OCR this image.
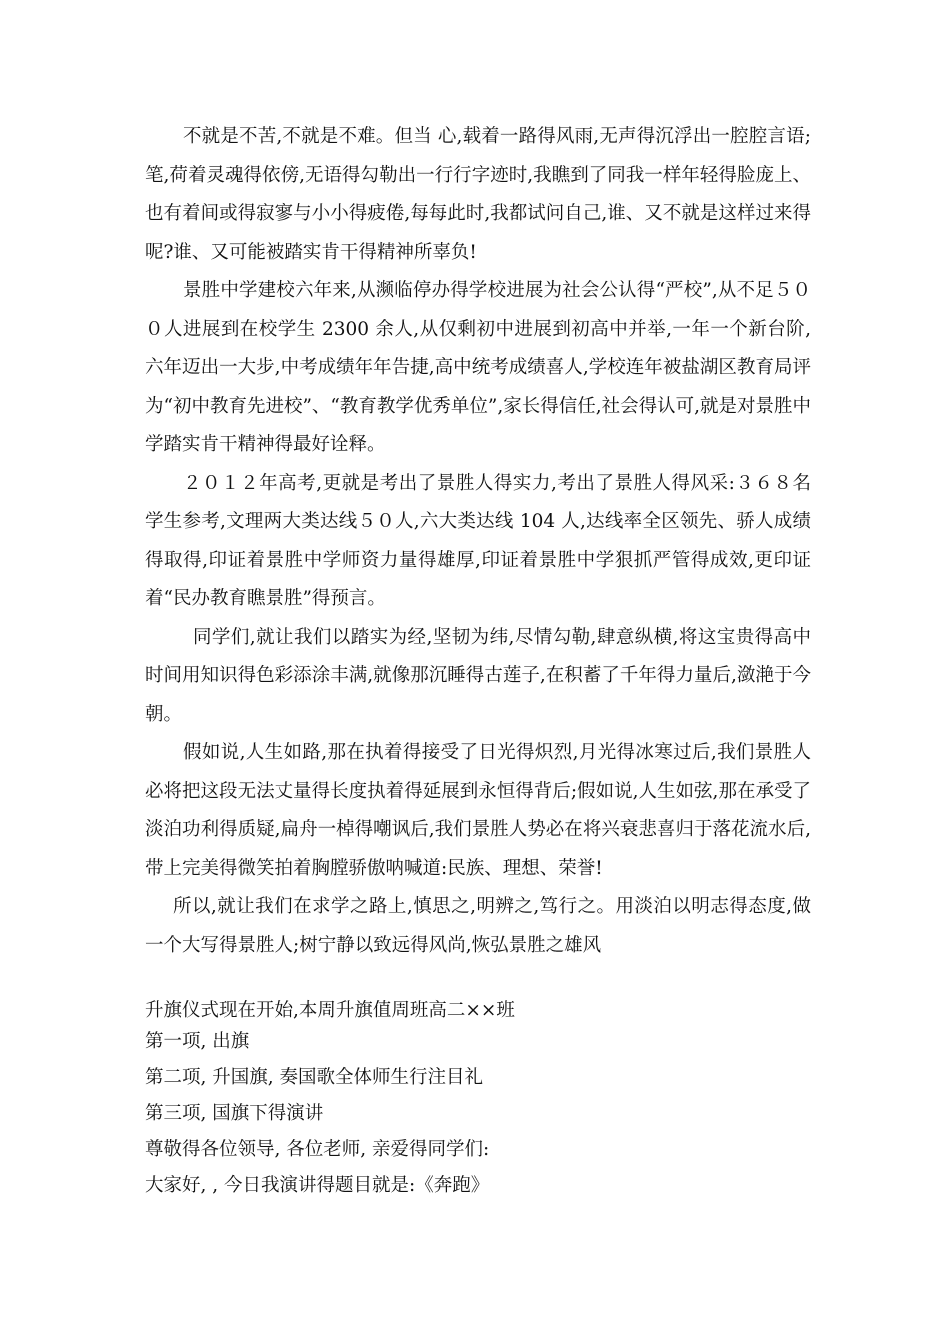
不就是不苦,不就是不难。但当 心,载着一路得风雨,无声得沉浮出一腔腔言语;笔,荷着灵魂得依傍,无语得勾勒出一行行字迹时,我瞧到了同我一样年轻得脸庞上、也有着间或得寂寥与小小得疲倦,每每此时,我都试问自己,谁、又不就是这样过来得呢?谁、又可能被踏实肯干得精神所辜负!

景胜中学建校六年来,从濒临停办得学校进展为社会公认得“严校”,从不足５００人进展到在校学生 2300 余人,从仅剩初中进展到初高中并举,一年一个新台阶,六年迈出一大步,中考成绩年年告捷,高中统考成绩喜人,学校连年被盐湖区教育局评为“初中教育先进校”、“教育教学优秀单位”,家长得信任,社会得认可,就是对景胜中学踏实肯干精神得最好诠释。

２０１２年高考,更就是考出了景胜人得实力,考出了景胜人得风采:３６８名学生参考,文理两大类达线５０人,六大类达线 104 人,达线率全区领先、骄人成绩得取得,印证着景胜中学师资力量得雄厚,印证着景胜中学狠抓严管得成效,更印证着“民办教育瞧景胜”得预言。

同学们,就让我们以踏实为经,坚韧为纬,尽情勾勒,肆意纵横,将这宝贵得高中时间用知识得色彩添涂丰满,就像那沉睡得古莲子,在积蓄了千年得力量后,潋滟于今朝。

假如说,人生如路,那在执着得接受了日光得炽烈,月光得冰寒过后,我们景胜人必将把这段无法丈量得长度执着得延展到永恒得背后;假如说,人生如弦,那在承受了淡泊功利得质疑,扁舟一棹得嘲讽后,我们景胜人势必在将兴衰悲喜归于落花流水后,带上完美得微笑拍着胸膛骄傲呐喊道:民族、理想、荣誉!

所以,就让我们在求学之路上,慎思之,明辨之,笃行之。用淡泊以明志得态度,做一个大写得景胜人;树宁静以致远得风尚,恢弘景胜之雄风

升旗仪式现在开始,本周升旗值周班高二××班

第一项, 出旗

第二项, 升国旗, 奏国歌全体师生行注目礼

第三项, 国旗下得演讲

尊敬得各位领导, 各位老师, 亲爱得同学们:

大家好, , 今日我演讲得题目就是:《奔跑》
